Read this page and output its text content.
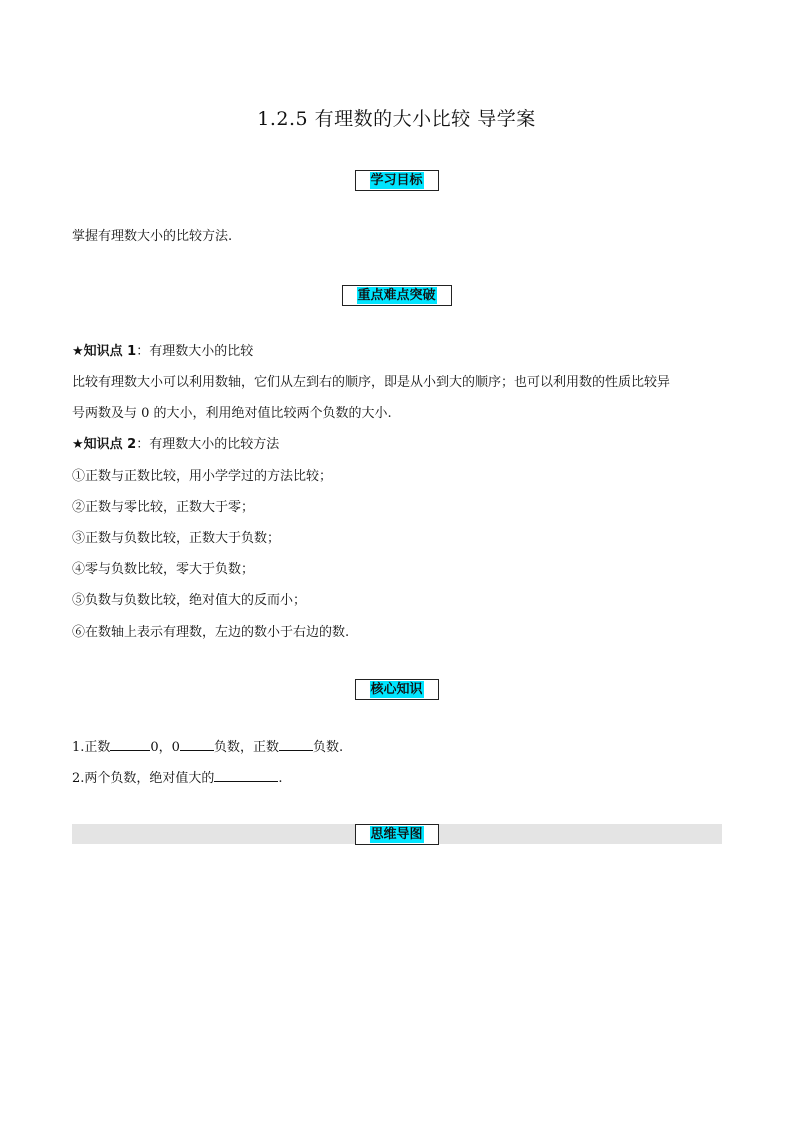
1.2.5 有理数的大小比较 导学案
学习目标
掌握有理数大小的比较方法.
重点难点突破
★知识点 1：有理数大小的比较
比较有理数大小可以利用数轴，它们从左到右的顺序，即是从小到大的顺序；也可以利用数的性质比较异
号两数及与 0 的大小，利用绝对值比较两个负数的大小.
★知识点 2：有理数大小的比较方法
①正数与正数比较，用小学学过的方法比较；
②正数与零比较，正数大于零；
③正数与负数比较，正数大于负数；
④零与负数比较，零大于负数；
⑤负数与负数比较，绝对值大的反而小；
⑥在数轴上表示有理数，左边的数小于右边的数.
核心知识
1.正数	0，0	负数，正数	负数.
2.两个负数，绝对值大的	.
思维导图
